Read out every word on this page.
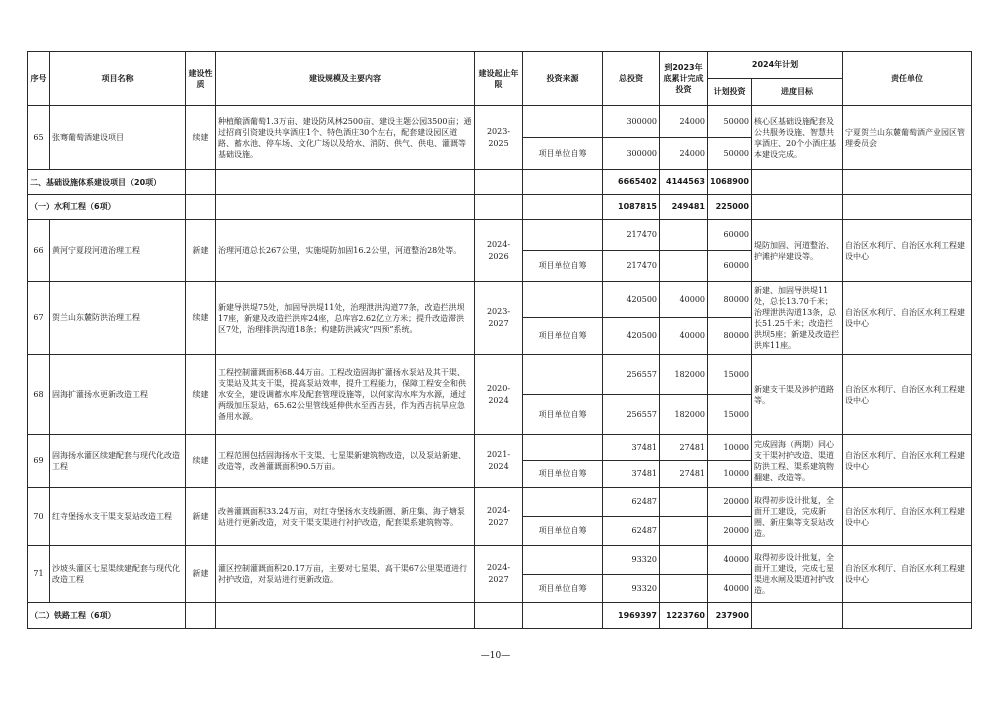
序号	项目名称	建设性质	建设规模及主要内容	建设起止年限	投资来源	总投资	到2023年底累计完成投资	2024年计划		责任单位
								计划投资	进度目标	
65	张骞葡萄酒建设项目	续建	种植酿酒葡萄1.3万亩、建设防风林2500亩、建设主题公园3500亩；通过招商引资建设共享酒庄1个、特色酒庄30个左右，配套建设园区道路、蓄水池、停车场、文化广场以及给水、消防、供气、供电、灌溉等基础设施。	2023-2025		300000	24000	50000	核心区基础设施配套及公共服务设施、智慧共享酒庄、20个小酒庄基本建设完成。	宁夏贺兰山东麓葡萄酒产业园区管理委员会
					项目单位自筹	300000	24000	50000		
二、基础设施体系建设项目（20项）						6665402	4144563	1068900		
（一）水利工程（6项）						1087815	249481	225000		
66	黄河宁夏段河道治理工程	新建	治理河道总长267公里，实施堤防加固16.2公里，河道整治28处等。	2024-2026		217470		60000	堤防加固、河道整治、护滩护岸建设等。	自治区水利厅、自治区水利工程建设中心
					项目单位自筹	217470		60000		
67	贺兰山东麓防洪治理工程	续建	新建导洪堤75处，加固导洪堤11处，治理泄洪沟道77条，改造拦洪坝17座，新建及改造拦洪库24座，总库容2.62亿立方米；提升改造滞洪区7处，治理排洪沟道18条；构建防洪减灾“四预”系统。	2023-2027		420500	40000	80000	新建、加固导洪堤11处，总长13.70千米；治理泄洪沟道13条，总长51.25千米；改造拦洪坝5座；新建及改造拦洪库11座。	自治区水利厅、自治区水利工程建设中心
					项目单位自筹	420500	40000	80000		
68	固海扩灌扬水更新改造工程	续建	工程控制灌溉面积68.44万亩。工程改造固海扩灌扬水泵站及其干渠、支渠站及其支干渠，提高泵站效率，提升工程能力，保障工程安全和供水安全，建设调蓄水库及配套管理设施等，以何家沟水库为水源，通过两级加压泵站，65.62公里管线延伸供水至西吉县，作为西吉抗旱应急备用水源。	2020-2024		256557	182000	15000	新建支干渠及涉护道路等。	自治区水利厅、自治区水利工程建设中心
					项目单位自筹	256557	182000	15000		
69	固海扬水灌区续建配套与现代化改造工程	续建	工程范围包括固海扬水干支渠、七星渠新建筑物改造，以及泵站新建、改造等，改善灌溉面积90.5万亩。	2021-2024		37481	27481	10000	完成固海（两期）同心支干渠衬护改造、渠道防洪工程、渠系建筑物翻建、改造等。	自治区水利厅、自治区水利工程建设中心
					项目单位自筹	37481	27481	10000		
70	红寺堡扬水支干渠支泵站改造工程	新建	改善灌溉面积33.24万亩，对红寺堡扬水支线新圈、新庄集、海子塘泵站进行更新改造，对支干渠支渠进行衬护改造，配套渠系建筑物等。	2024-2027		62487		20000	取得初步设计批复，全面开工建设，完成新圈、新庄集等支泵站改造。	自治区水利厅、自治区水利工程建设中心
					项目单位自筹	62487		20000		
71	沙坡头灌区七星渠续建配套与现代化改造工程	新建	灌区控制灌溉面积20.17万亩，主要对七星渠、高干渠67公里渠道进行衬护改造，对泵站进行更新改造。	2024-2027		93320		40000	取得初步设计批复，全面开工建设，完成七星渠进水闸及渠道衬护改造。	自治区水利厅、自治区水利工程建设中心
					项目单位自筹	93320		40000		
（二）铁路工程（6项）						1969397	1223760	237900		
—10—
